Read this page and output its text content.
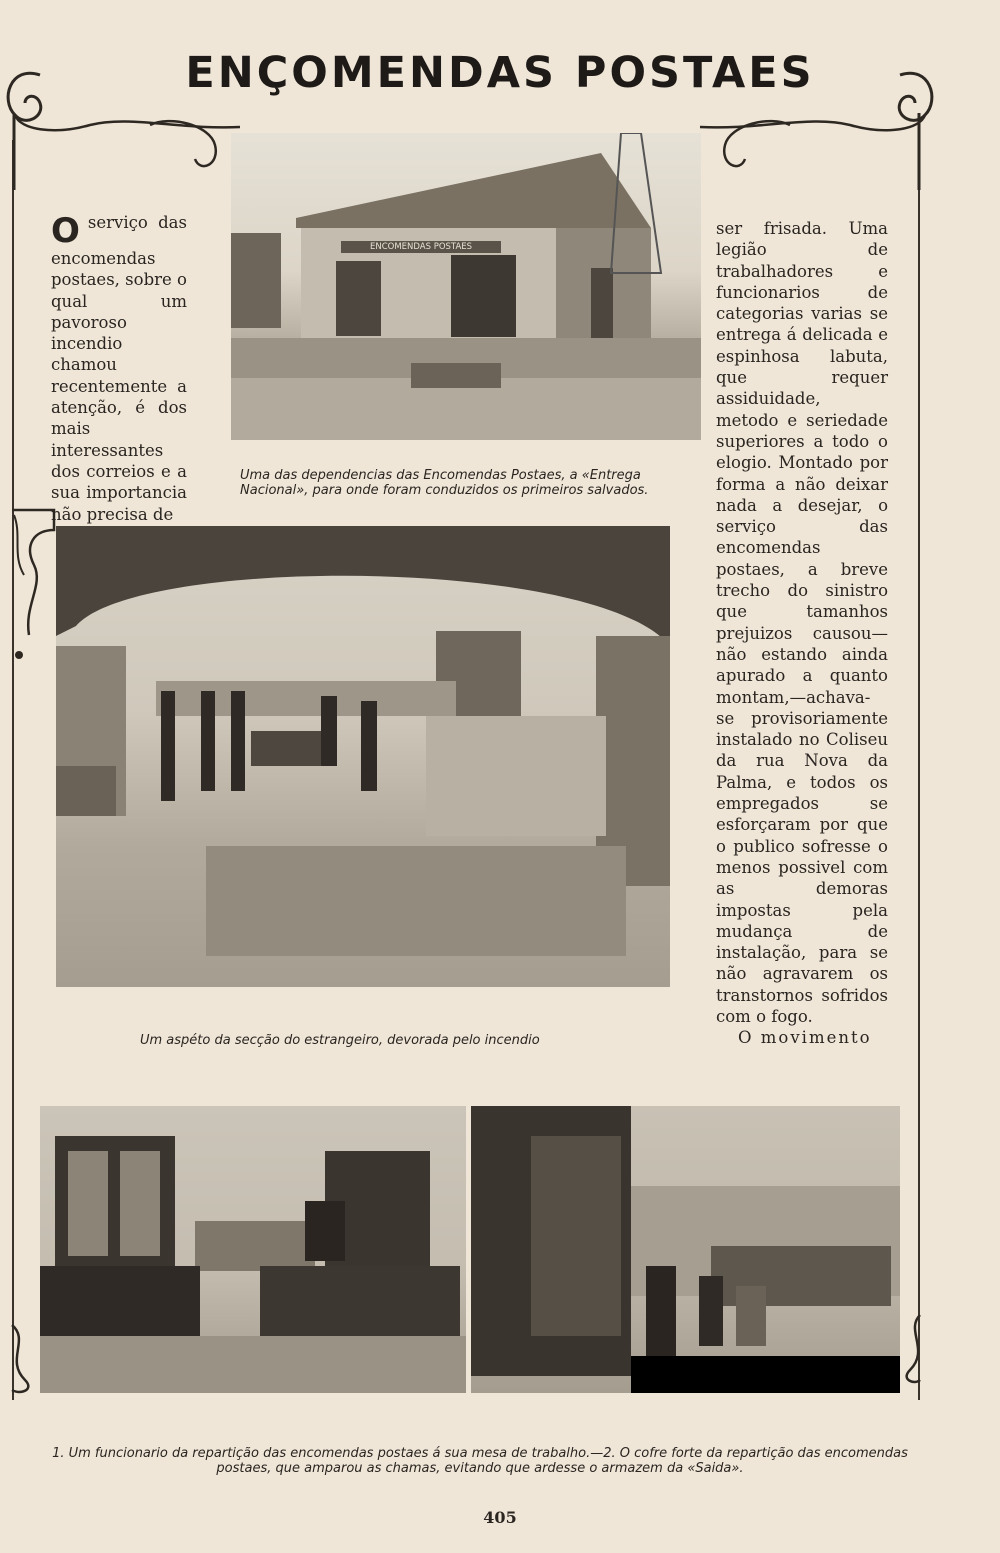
ENÇOMENDAS POSTAES
ENCOMENDAS POSTAES
Uma das dependencias das Encomendas Postaes, a «Entrega Nacional», para onde foram conduzidos os primeiros salvados.
O serviço das encomendas postaes, sobre o qual um pavoroso incendio chamou recentemente a atenção, é dos mais interessantes dos correios e a sua importancia não precisa de

ser frisada. Uma legião de trabalhadores e funcionarios de categorias varias se entrega á delicada e espinhosa labuta, que requer assiduidade, metodo e seriedade superiores a todo o elogio. Montado por forma a não deixar nada a desejar, o serviço das encomendas postaes, a breve trecho do sinistro que tamanhos prejuizos causou—não estando ainda apurado a quanto montam,—achava-se provisoriamente instalado no Coliseu da rua Nova da Palma, e todos os empregados se esforçaram por que o publico sofresse o menos possivel com as demoras impostas pela mudança de instalação, para se não agravarem os transtornos sofridos com o fogo.

O movimento

Um aspéto da secção do estrangeiro, devorada pelo incendio
1. Um funcionario da repartição das encomendas postaes á sua mesa de trabalho.—2. O cofre forte da repartição das encomendas postaes, que amparou as chamas, evitando que ardesse o armazem da «Saida».
405
